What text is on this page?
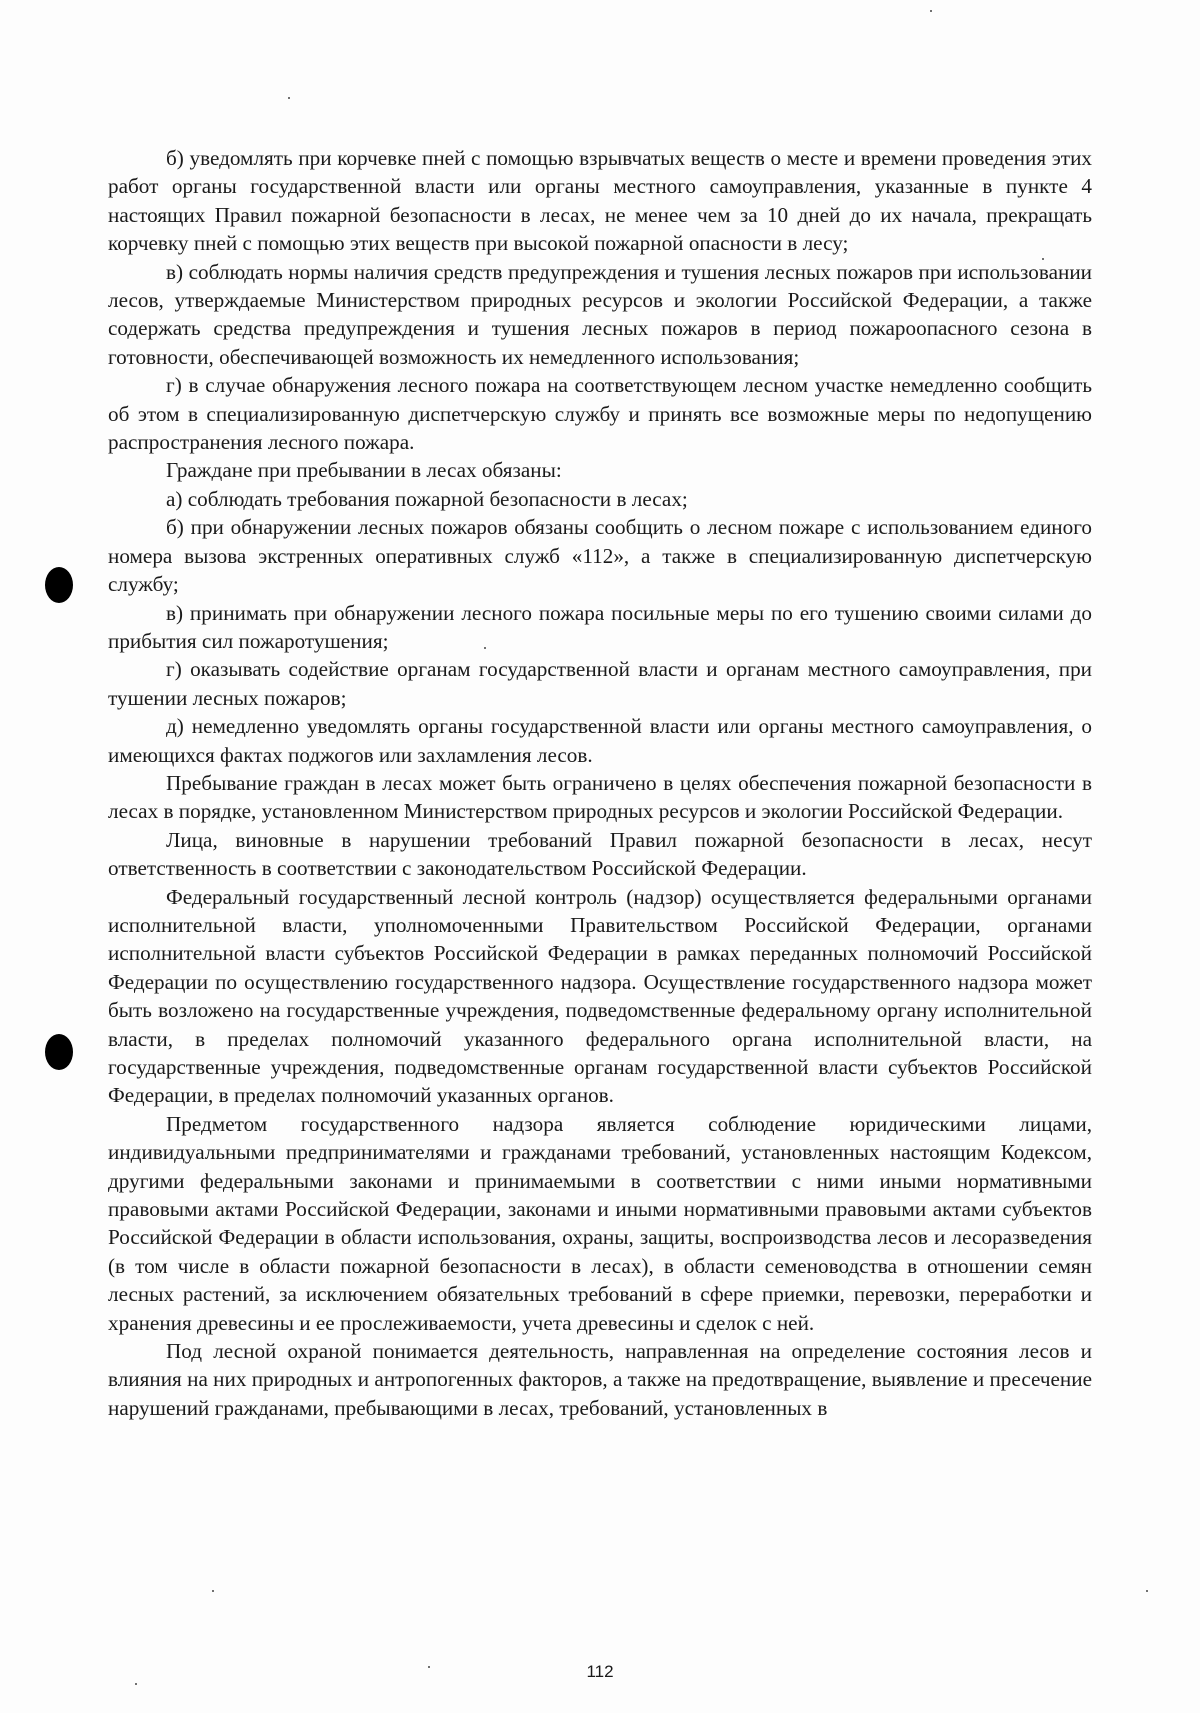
б) уведомлять при корчевке пней с помощью взрывчатых веществ о месте и времени проведения этих работ органы государственной власти или органы местного самоуправления, указанные в пункте 4 настоящих Правил пожарной безопасности в лесах, не менее чем за 10 дней до их начала, прекращать корчевку пней с помощью этих веществ при высокой пожарной опасности в лесу;

в) соблюдать нормы наличия средств предупреждения и тушения лесных пожаров при использовании лесов, утверждаемые Министерством природных ресурсов и экологии Российской Федерации, а также содержать средства предупреждения и тушения лесных пожаров в период пожароопасного сезона в готовности, обеспечивающей возможность их немедленного использования;

г) в случае обнаружения лесного пожара на соответствующем лесном участке немедленно сообщить об этом в специализированную диспетчерскую службу и принять все возможные меры по недопущению распространения лесного пожара.

Граждане при пребывании в лесах обязаны:

а) соблюдать требования пожарной безопасности в лесах;

б) при обнаружении лесных пожаров обязаны сообщить о лесном пожаре с использованием единого номера вызова экстренных оперативных служб «112», а также в специализированную диспетчерскую службу;

в) принимать при обнаружении лесного пожара посильные меры по его тушению своими силами до прибытия сил пожаротушения;

г) оказывать содействие органам государственной власти и органам местного самоуправления, при тушении лесных пожаров;

д) немедленно уведомлять органы государственной власти или органы местного самоуправления, о имеющихся фактах поджогов или захламления лесов.

Пребывание граждан в лесах может быть ограничено в целях обеспечения пожарной безопасности в лесах в порядке, установленном Министерством природных ресурсов и экологии Российской Федерации.

Лица, виновные в нарушении требований Правил пожарной безопасности в лесах, несут ответственность в соответствии с законодательством Российской Федерации.

Федеральный государственный лесной контроль (надзор) осуществляется федеральными органами исполнительной власти, уполномоченными Правительством Российской Федерации, органами исполнительной власти субъектов Российской Федерации в рамках переданных полномочий Российской Федерации по осуществлению государственного надзора. Осуществление государственного надзора может быть возложено на государственные учреждения, подведомственные федеральному органу исполнительной власти, в пределах полномочий указанного федерального органа исполнительной власти, на государственные учреждения, подведомственные органам государственной власти субъектов Российской Федерации, в пределах полномочий указанных органов.

Предметом государственного надзора является соблюдение юридическими лицами, индивидуальными предпринимателями и гражданами требований, установленных настоящим Кодексом, другими федеральными законами и принимаемыми в соответствии с ними иными нормативными правовыми актами Российской Федерации, законами и иными нормативными правовыми актами субъектов Российской Федерации в области использования, охраны, защиты, воспроизводства лесов и лесоразведения (в том числе в области пожарной безопасности в лесах), в области семеноводства в отношении семян лесных растений, за исключением обязательных требований в сфере приемки, перевозки, переработки и хранения древесины и ее прослеживаемости, учета древесины и сделок с ней.

Под лесной охраной понимается деятельность, направленная на определение состояния лесов и влияния на них природных и антропогенных факторов, а также на предотвращение, выявление и пресечение нарушений гражданами, пребывающими в лесах, требований, установленных в

112
